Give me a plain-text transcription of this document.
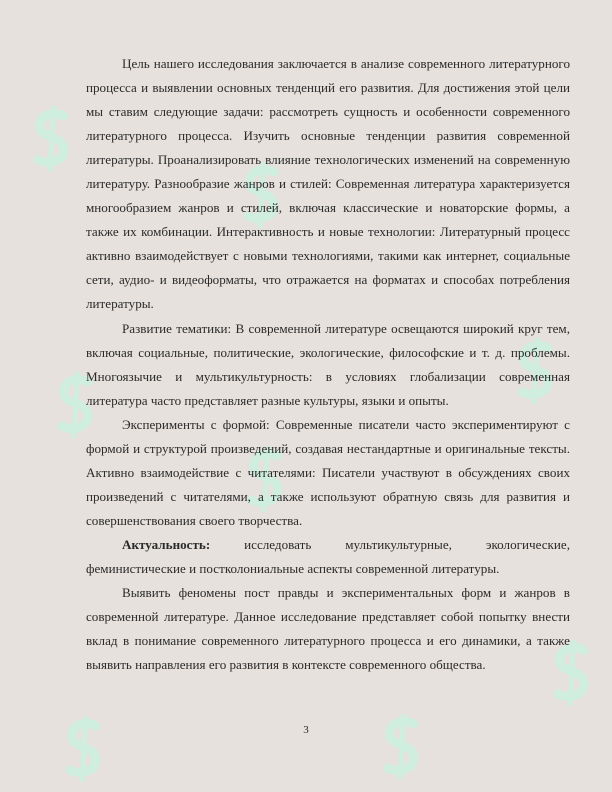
Цель нашего исследования заключается в анализе современного литературного процесса и выявлении основных тенденций его развития. Для достижения этой цели мы ставим следующие задачи: рассмотреть сущность и особенности современного литературного процесса. Изучить основные тенденции развития современной литературы. Проанализировать влияние технологических изменений на современную литературу. Разнообразие жанров и стилей: Современная литература характеризуется многообразием жанров и стилей, включая классические и новаторские формы, а также их комбинации. Интерактивность и новые технологии: Литературный процесс активно взаимодействует с новыми технологиями, такими как интернет, социальные сети, аудио- и видеоформаты, что отражается на форматах и способах потребления литературы.

Развитие тематики: В современной литературе освещаются широкий круг тем, включая социальные, политические, экологические, философские и т. д. проблемы. Многоязычие и мультикультурность: в условиях глобализации современная литература часто представляет разные культуры, языки и опыты.

Эксперименты с формой: Современные писатели часто экспериментируют с формой и структурой произведений, создавая нестандартные и оригинальные тексты. Активно взаимодействие с читателями: Писатели участвуют в обсуждениях своих произведений с читателями, а также используют обратную связь для развития и совершенствования своего творчества.

Актуальность: исследовать мультикультурные, экологические, феминистические и постколониальные аспекты современной литературы.

Выявить феномены пост правды и экспериментальных форм и жанров в современной литературе. Данное исследование представляет собой попытку внести вклад в понимание современного литературного процесса и его динамики, а также выявить направления его развития в контексте современного общества.

3
